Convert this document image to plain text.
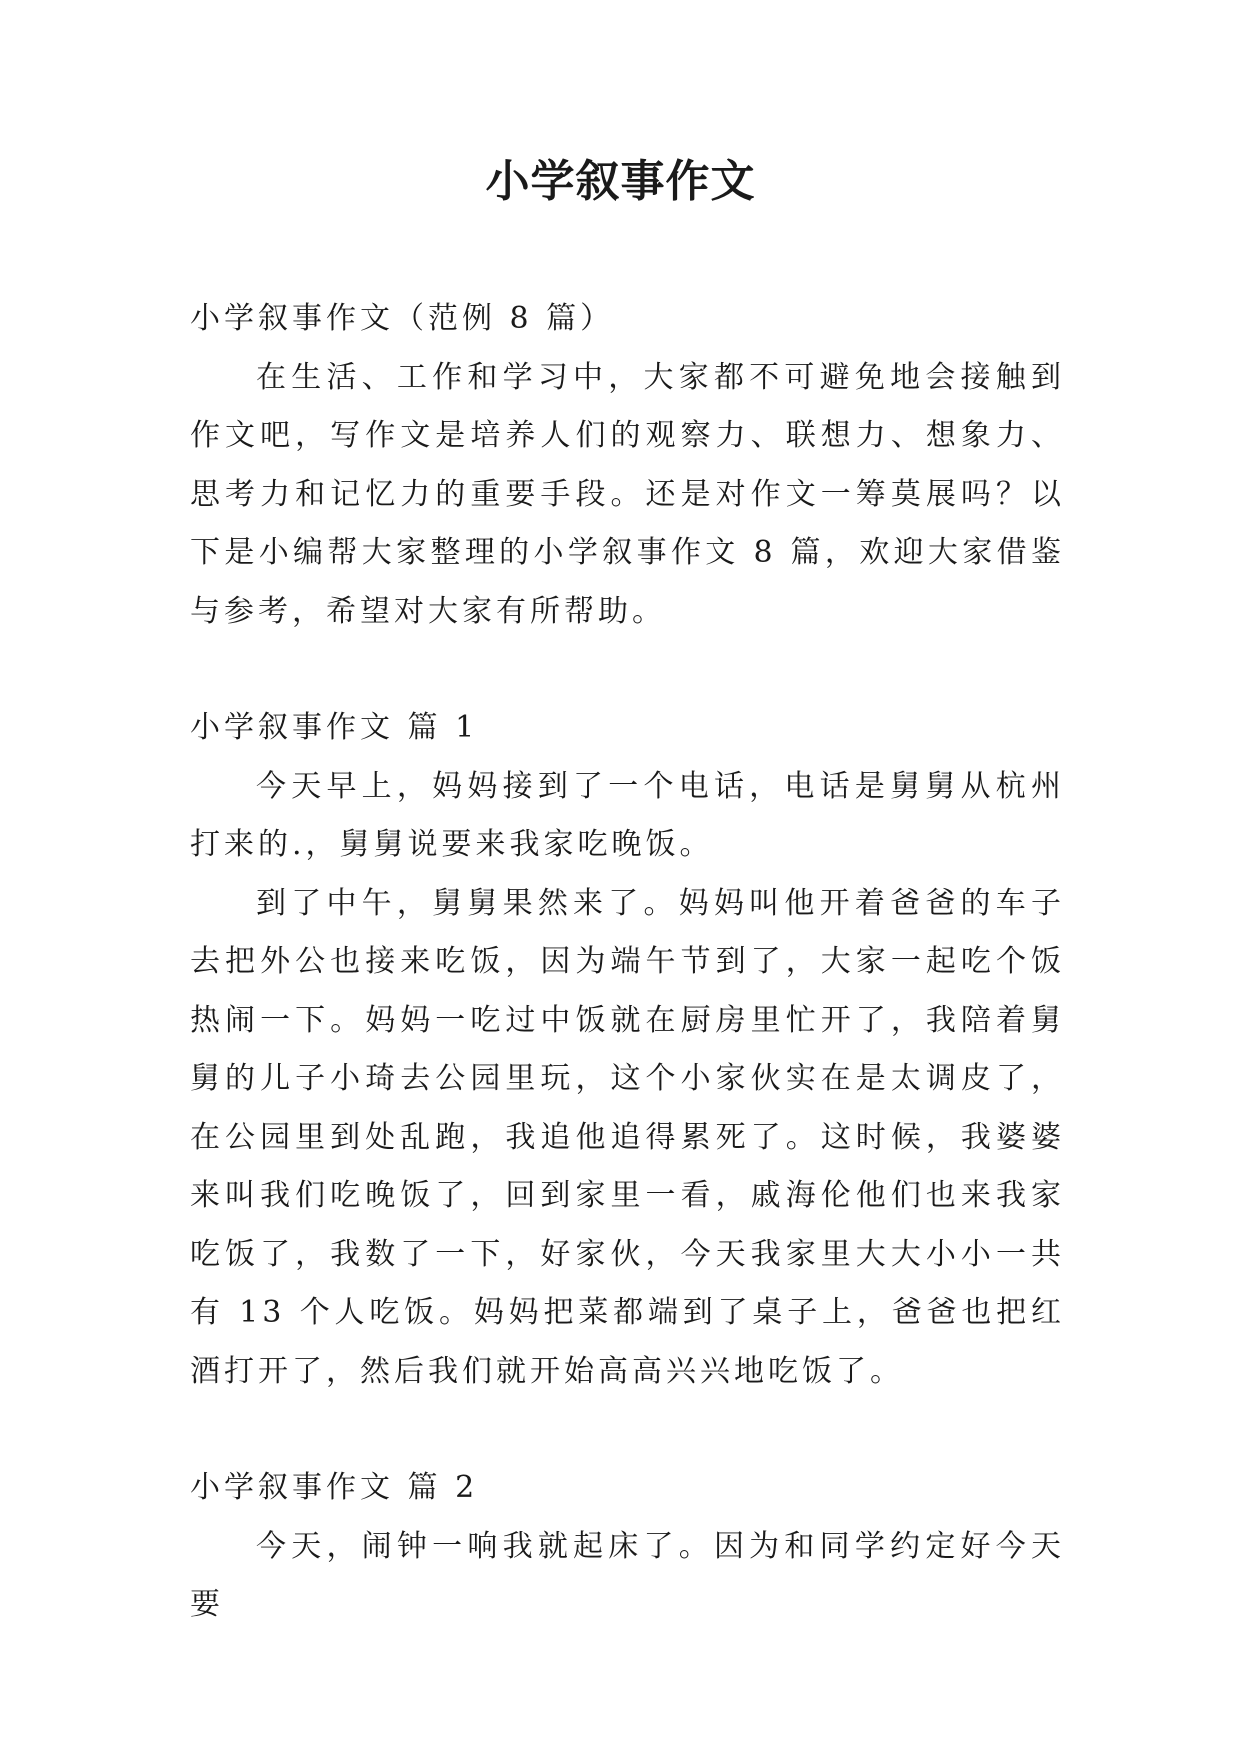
小学叙事作文

小学叙事作文（范例 8 篇）

在生活、工作和学习中，大家都不可避免地会接触到作文吧，写作文是培养人们的观察力、联想力、想象力、思考力和记忆力的重要手段。还是对作文一筹莫展吗？以下是小编帮大家整理的小学叙事作文 8 篇，欢迎大家借鉴与参考，希望对大家有所帮助。

小学叙事作文 篇 1

今天早上，妈妈接到了一个电话，电话是舅舅从杭州打来的.，舅舅说要来我家吃晚饭。

到了中午，舅舅果然来了。妈妈叫他开着爸爸的车子去把外公也接来吃饭，因为端午节到了，大家一起吃个饭热闹一下。妈妈一吃过中饭就在厨房里忙开了，我陪着舅舅的儿子小琦去公园里玩，这个小家伙实在是太调皮了，在公园里到处乱跑，我追他追得累死了。这时候，我婆婆来叫我们吃晚饭了，回到家里一看，戚海伦他们也来我家吃饭了，我数了一下，好家伙，今天我家里大大小小一共有 13 个人吃饭。妈妈把菜都端到了桌子上，爸爸也把红酒打开了，然后我们就开始高高兴兴地吃饭了。

小学叙事作文 篇 2

今天，闹钟一响我就起床了。因为和同学约定好今天要
